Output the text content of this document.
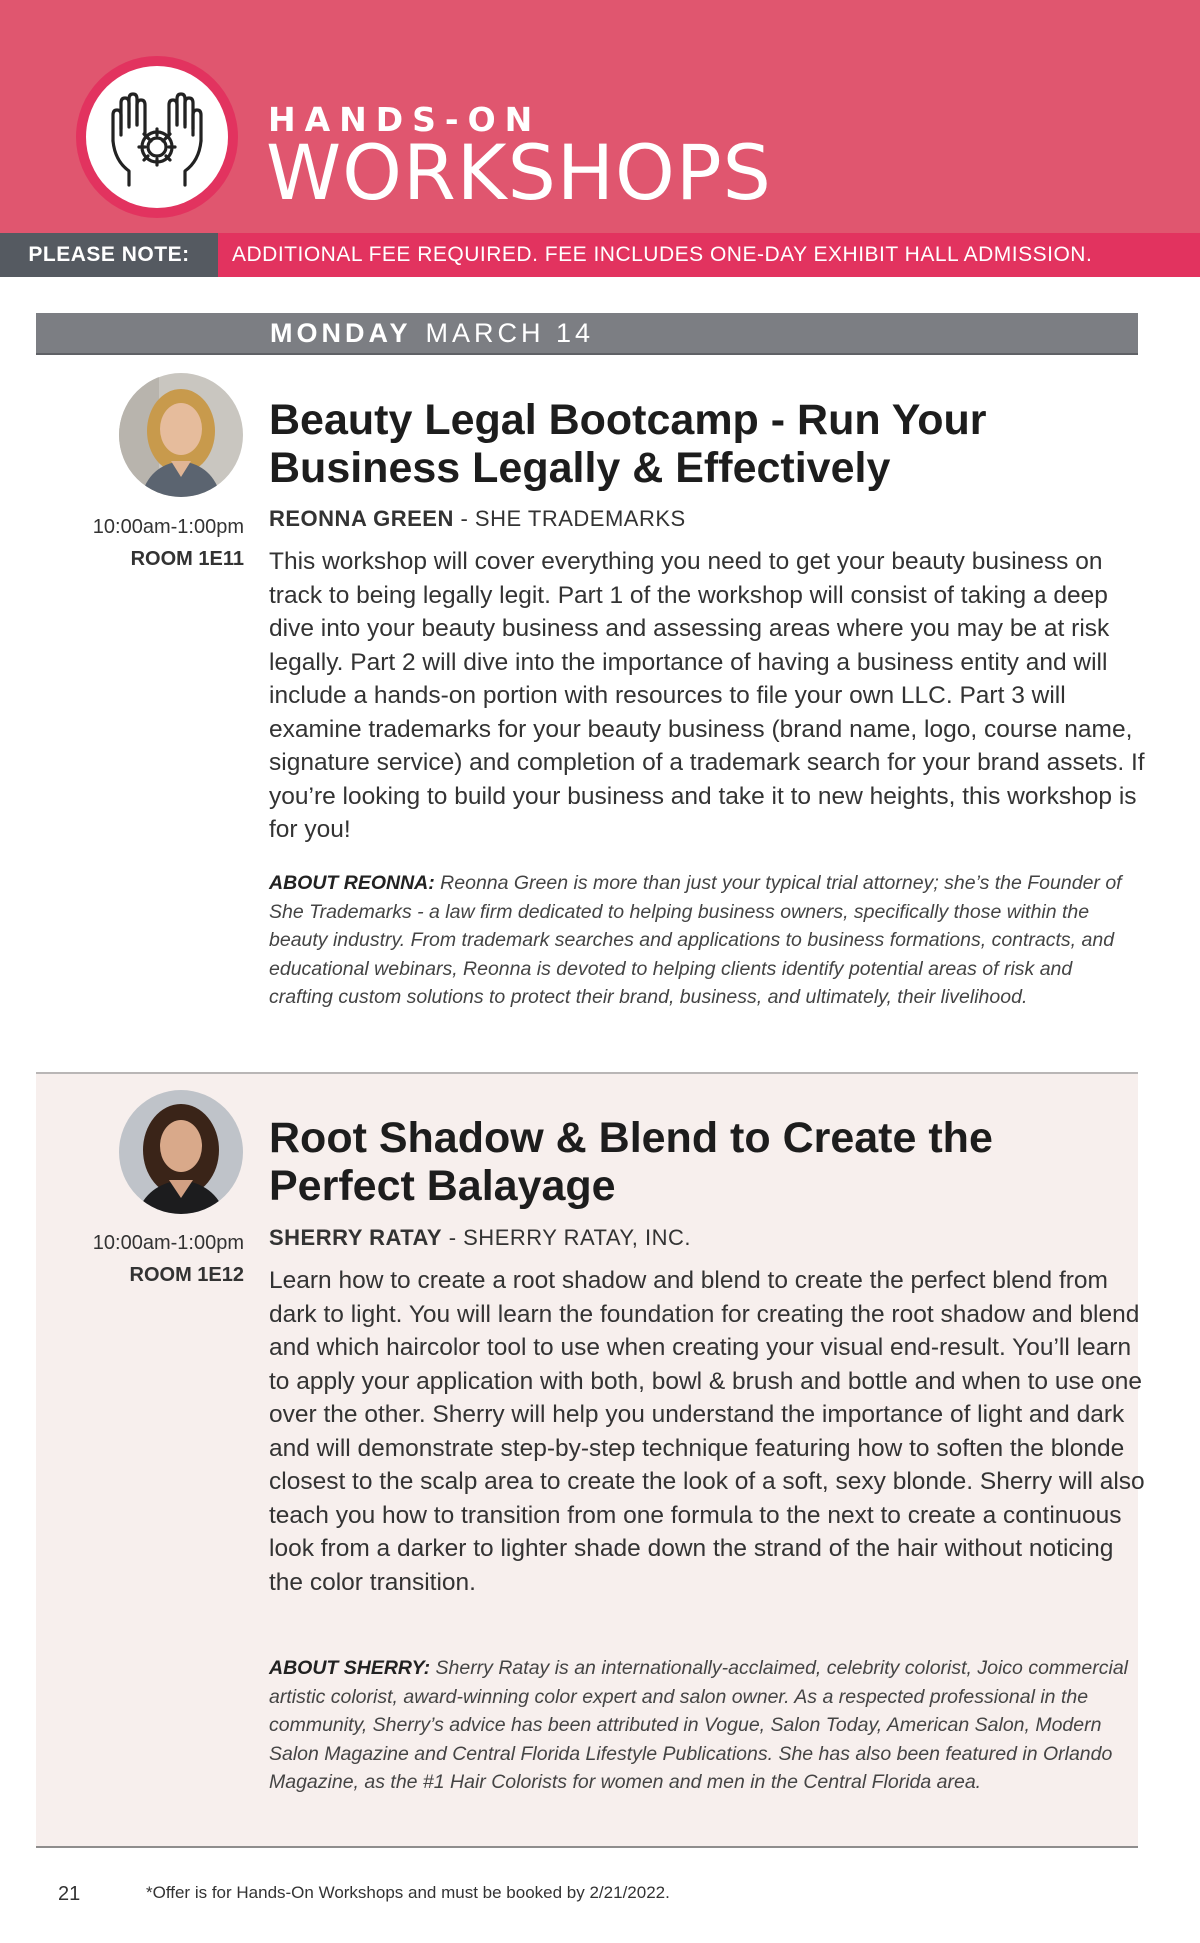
HANDS-ON
WORKSHOPS
PLEASE NOTE:	ADDITIONAL FEE REQUIRED. FEE INCLUDES ONE-DAY EXHIBIT HALL ADMISSION.
MONDAY MARCH 14
10:00am-1:00pm
ROOM 1E11
Beauty Legal Bootcamp - Run Your Business Legally & Effectively
REONNA GREEN - SHE TRADEMARKS
This workshop will cover everything you need to get your beauty business on track to being legally legit. Part 1 of the workshop will consist of taking a deep dive into your beauty business and assessing areas where you may be at risk legally. Part 2 will dive into the importance of having a business entity and will include a hands-on portion with resources to file your own LLC. Part 3 will examine trademarks for your beauty business (brand name, logo, course name, signature service) and completion of a trademark search for your brand assets. If you’re looking to build your business and take it to new heights, this workshop is for you!
ABOUT REONNA: Reonna Green is more than just your typical trial attorney; she’s the Founder of She Trademarks - a law firm dedicated to helping business owners, specifically those within the beauty industry. From trademark searches and applications to business formations, contracts, and educational webinars, Reonna is devoted to helping clients identify potential areas of risk and crafting custom solutions to protect their brand, business, and ultimately, their livelihood.
10:00am-1:00pm
ROOM 1E12
Root Shadow & Blend to Create the Perfect Balayage
SHERRY RATAY - SHERRY RATAY, INC.
Learn how to create a root shadow and blend to create the perfect blend from dark to light. You will learn the foundation for creating the root shadow and blend and which haircolor tool to use when creating your visual end-result. You’ll learn to apply your application with both, bowl & brush and bottle and when to use one over the other. Sherry will help you understand the importance of light and dark and will demonstrate step-by-step technique featuring how to soften the blonde closest to the scalp area to create the look of a soft, sexy blonde. Sherry will also teach you how to transition from one formula to the next to create a continuous look from a darker to lighter shade down the strand of the hair without noticing the color transition.
ABOUT SHERRY: Sherry Ratay is an internationally-acclaimed, celebrity colorist, Joico commercial artistic colorist, award-winning color expert and salon owner. As a respected professional in the community, Sherry’s advice has been attributed in Vogue, Salon Today, American Salon, Modern Salon Magazine and Central Florida Lifestyle Publications. She has also been featured in Orlando Magazine, as the #1 Hair Colorists for women and men in the Central Florida area.
21	*Offer is for Hands-On Workshops and must be booked by 2/21/2022.
